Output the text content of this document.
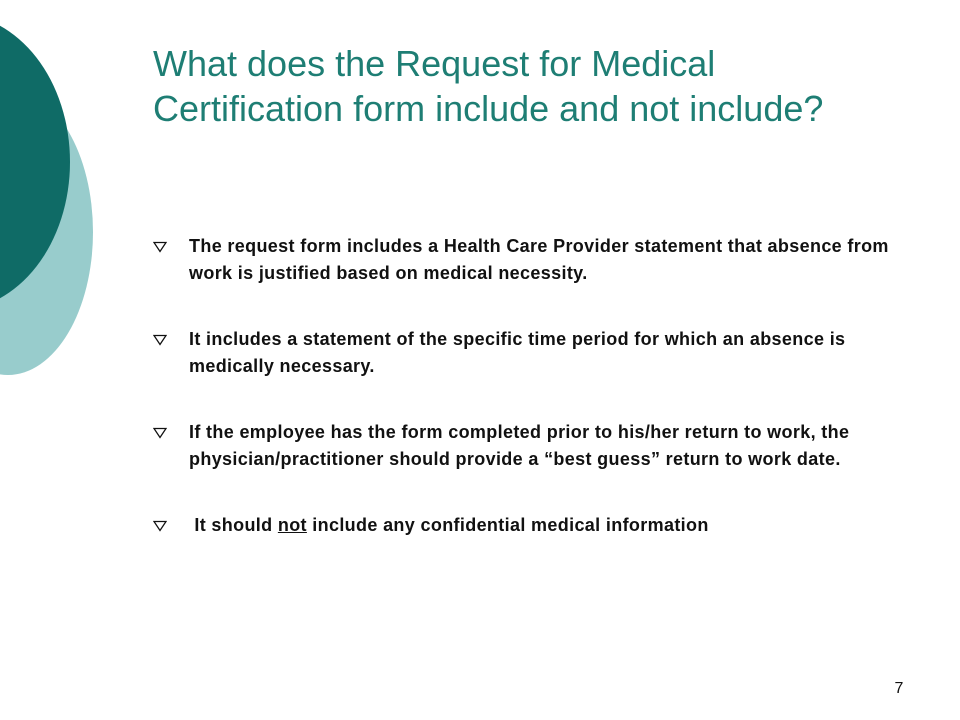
What does the Request for Medical Certification form include and not include?
The request form includes a Health Care Provider statement that absence from work is justified based on medical necessity.
It includes a statement of the specific time period for which an absence is medically necessary.
If the employee has the form completed prior to his/her return to work, the physician/practitioner should provide a “best guess” return to work date.
It should not include any confidential medical information
7
